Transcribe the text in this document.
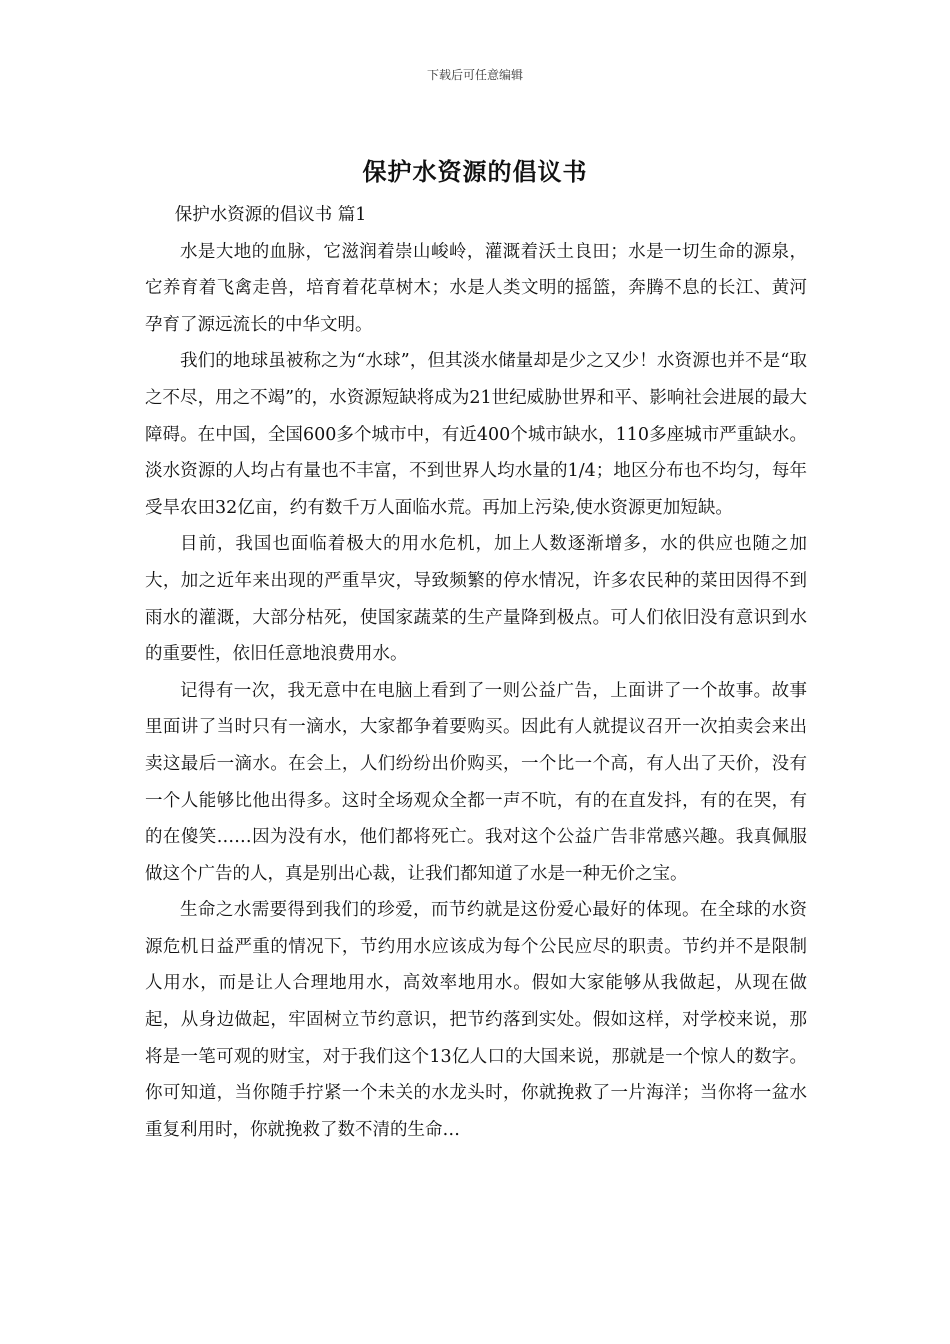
下载后可任意编辑
保护水资源的倡议书

保护水资源的倡议书 篇1

水是大地的血脉，它滋润着崇山峻岭，灌溉着沃土良田；水是一切生命的源泉，它养育着飞禽走兽，培育着花草树木；水是人类文明的摇篮，奔腾不息的长江、黄河孕育了源远流长的中华文明。

我们的地球虽被称之为“水球”，但其淡水储量却是少之又少！水资源也并不是“取之不尽，用之不竭”的，水资源短缺将成为21世纪威胁世界和平、影响社会进展的最大障碍。在中国，全国600多个城市中，有近400个城市缺水，110多座城市严重缺水。淡水资源的人均占有量也不丰富，不到世界人均水量的1/4；地区分布也不均匀，每年受旱农田32亿亩，约有数千万人面临水荒。再加上污染,使水资源更加短缺。

目前，我国也面临着极大的用水危机，加上人数逐渐增多，水的供应也随之加大，加之近年来出现的严重旱灾，导致频繁的停水情况，许多农民种的菜田因得不到雨水的灌溉，大部分枯死，使国家蔬菜的生产量降到极点。可人们依旧没有意识到水的重要性，依旧任意地浪费用水。

记得有一次，我无意中在电脑上看到了一则公益广告，上面讲了一个故事。故事里面讲了当时只有一滴水，大家都争着要购买。因此有人就提议召开一次拍卖会来出卖这最后一滴水。在会上，人们纷纷出价购买，一个比一个高，有人出了天价，没有一个人能够比他出得多。这时全场观众全都一声不吭，有的在直发抖，有的在哭，有的在傻笑……因为没有水，他们都将死亡。我对这个公益广告非常感兴趣。我真佩服做这个广告的人，真是别出心裁，让我们都知道了水是一种无价之宝。

生命之水需要得到我们的珍爱，而节约就是这份爱心最好的体现。在全球的水资源危机日益严重的情况下，节约用水应该成为每个公民应尽的职责。节约并不是限制人用水，而是让人合理地用水，高效率地用水。假如大家能够从我做起，从现在做起，从身边做起，牢固树立节约意识，把节约落到实处。假如这样，对学校来说，那将是一笔可观的财宝，对于我们这个13亿人口的大国来说，那就是一个惊人的数字。你可知道，当你随手拧紧一个未关的水龙头时，你就挽救了一片海洋；当你将一盆水重复利用时，你就挽救了数不清的生命…
